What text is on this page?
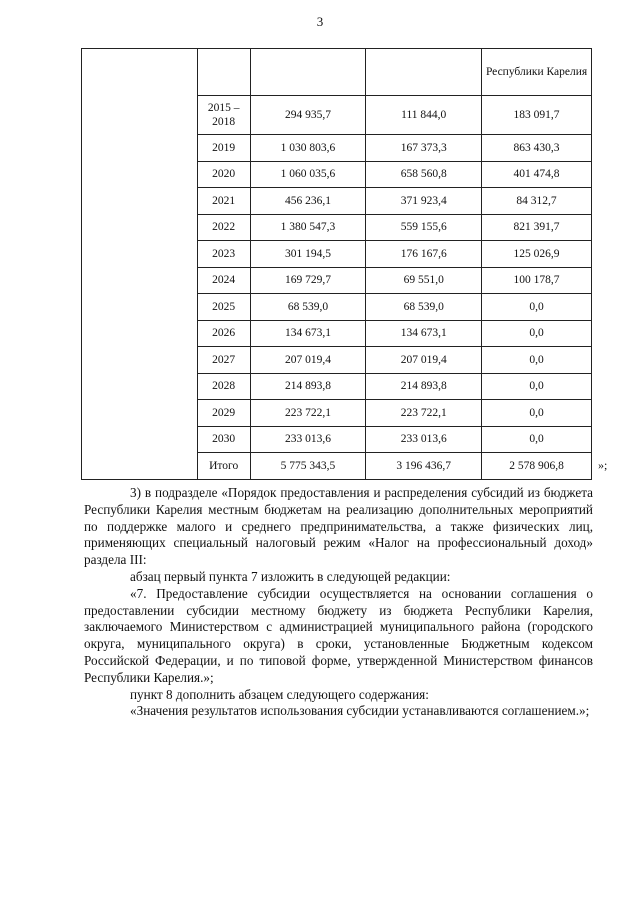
3
				Республики Карелия
	2015 – 2018	294 935,7	111 844,0	183 091,7
	2019	1 030 803,6	167 373,3	863 430,3
	2020	1 060 035,6	658 560,8	401 474,8
	2021	456 236,1	371 923,4	84 312,7
	2022	1 380 547,3	559 155,6	821 391,7
	2023	301 194,5	176 167,6	125 026,9
	2024	169 729,7	69 551,0	100 178,7
	2025	68 539,0	68 539,0	0,0
	2026	134 673,1	134 673,1	0,0
	2027	207 019,4	207 019,4	0,0
	2028	214 893,8	214 893,8	0,0
	2029	223 722,1	223 722,1	0,0
	2030	233 013,6	233 013,6	0,0
	Итого	5 775 343,5	3 196 436,7	2 578 906,8	»;

3) в подразделе «Порядок предоставления и распределения субсидий из бюджета Республики Карелия местным бюджетам на реализацию дополнительных мероприятий по поддержке малого и среднего предпринимательства, а также физических лиц, применяющих специальный налоговый режим «Налог на профессиональный доход» раздела III:

абзац первый пункта 7 изложить в следующей редакции:

«7. Предоставление субсидии осуществляется на основании соглашения о предоставлении субсидии местному бюджету из бюджета Республики Карелия, заключаемого Министерством с администрацией муниципального района (городского округа, муниципального округа) в сроки, установленные Бюджетным кодексом Российской Федерации, и по типовой форме, утвержденной Министерством финансов Республики Карелия.»;

пункт 8 дополнить абзацем следующего содержания:

«Значения результатов использования субсидии устанавливаются соглашением.»;
